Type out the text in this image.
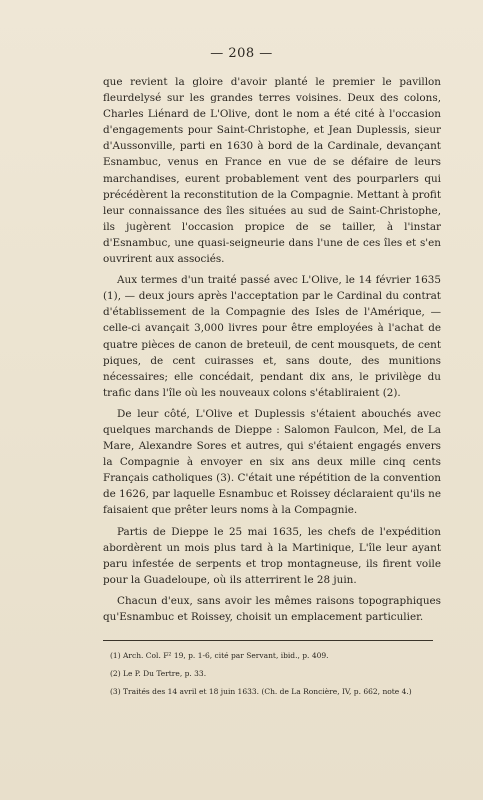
— 208 —

que revient la gloire d'avoir planté le premier le pavillon fleurdelysé sur les grandes terres voisines. Deux des colons, Charles Liénard de L'Olive, dont le nom a été cité à l'occasion d'engagements pour Saint-Christophe, et Jean Duplessis, sieur d'Aussonville, parti en 1630 à bord de la Cardinale, devançant Esnambuc, venus en France en vue de se défaire de leurs marchandises, eurent probablement vent des pourparlers qui précédèrent la reconstitution de la Compagnie. Mettant à profit leur connaissance des îles situées au sud de Saint-Christophe, ils jugèrent l'occasion propice de se tailler, à l'instar d'Esnambuc, une quasi-seigneurie dans l'une de ces îles et s'en ouvrirent aux associés.

Aux termes d'un traité passé avec L'Olive, le 14 février 1635 (1), — deux jours après l'acceptation par le Cardinal du contrat d'établissement de la Compagnie des Isles de l'Amérique, — celle-ci avançait 3,000 livres pour être employées à l'achat de quatre pièces de canon de breteuil, de cent mousquets, de cent piques, de cent cuirasses et, sans doute, des munitions nécessaires; elle concédait, pendant dix ans, le privilège du trafic dans l'île où les nouveaux colons s'établiraient (2).

De leur côté, L'Olive et Duplessis s'étaient abouchés avec quelques marchands de Dieppe : Salomon Faulcon, Mel, de La Mare, Alexandre Sores et autres, qui s'étaient engagés envers la Compagnie à envoyer en six ans deux mille cinq cents Français catholiques (3). C'était une répétition de la convention de 1626, par laquelle Esnambuc et Roissey déclaraient qu'ils ne faisaient que prêter leurs noms à la Compagnie.

Partis de Dieppe le 25 mai 1635, les chefs de l'expédition abordèrent un mois plus tard à la Martinique, L'île leur ayant paru infestée de serpents et trop montagneuse, ils firent voile pour la Guadeloupe, où ils atterrirent le 28 juin.

Chacun d'eux, sans avoir les mêmes raisons topographiques qu'Esnambuc et Roissey, choisit un emplacement particulier.

(1) Arch. Col. F² 19, p. 1-6, cité par Servant, ibid., p. 409.
(2) Le P. Du Tertre, p. 33.
(3) Traités des 14 avril et 18 juin 1633. (Ch. de La Roncière, IV, p. 662, note 4.)
